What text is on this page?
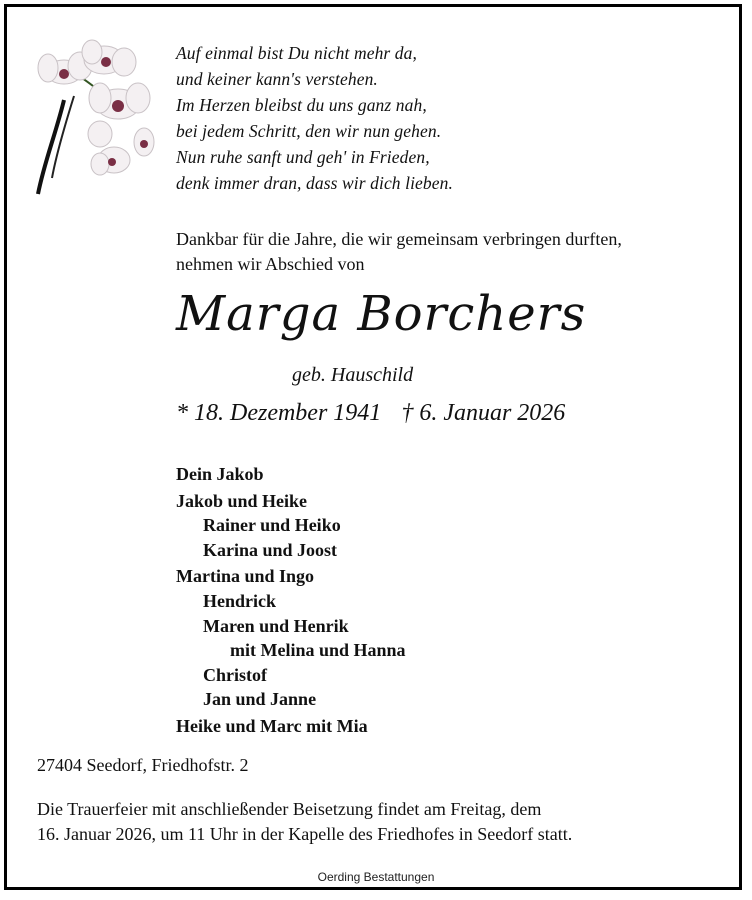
Auf einmal bist Du nicht mehr da,
und keiner kann's verstehen.
Im Herzen bleibst du uns ganz nah,
bei jedem Schritt, den wir nun gehen.
Nun ruhe sanft und geh' in Frieden,
denk immer dran, dass wir dich lieben.
Dankbar für die Jahre, die wir gemeinsam verbringen durften,
nehmen wir Abschied von
Marga Borchers
geb. Hauschild
* 18. Dezember 1941 † 6. Januar 2026
Dein Jakob
Jakob und Heike
Rainer und Heiko
Karina und Joost
Martina und Ingo
Hendrick
Maren und Henrik
mit Melina und Hanna
Christof
Jan und Janne
Heike und Marc mit Mia
27404 Seedorf, Friedhofstr. 2
Die Trauerfeier mit anschließender Beisetzung findet am Freitag, dem
16. Januar 2026, um 11 Uhr in der Kapelle des Friedhofes in Seedorf statt.
Oerding Bestattungen
